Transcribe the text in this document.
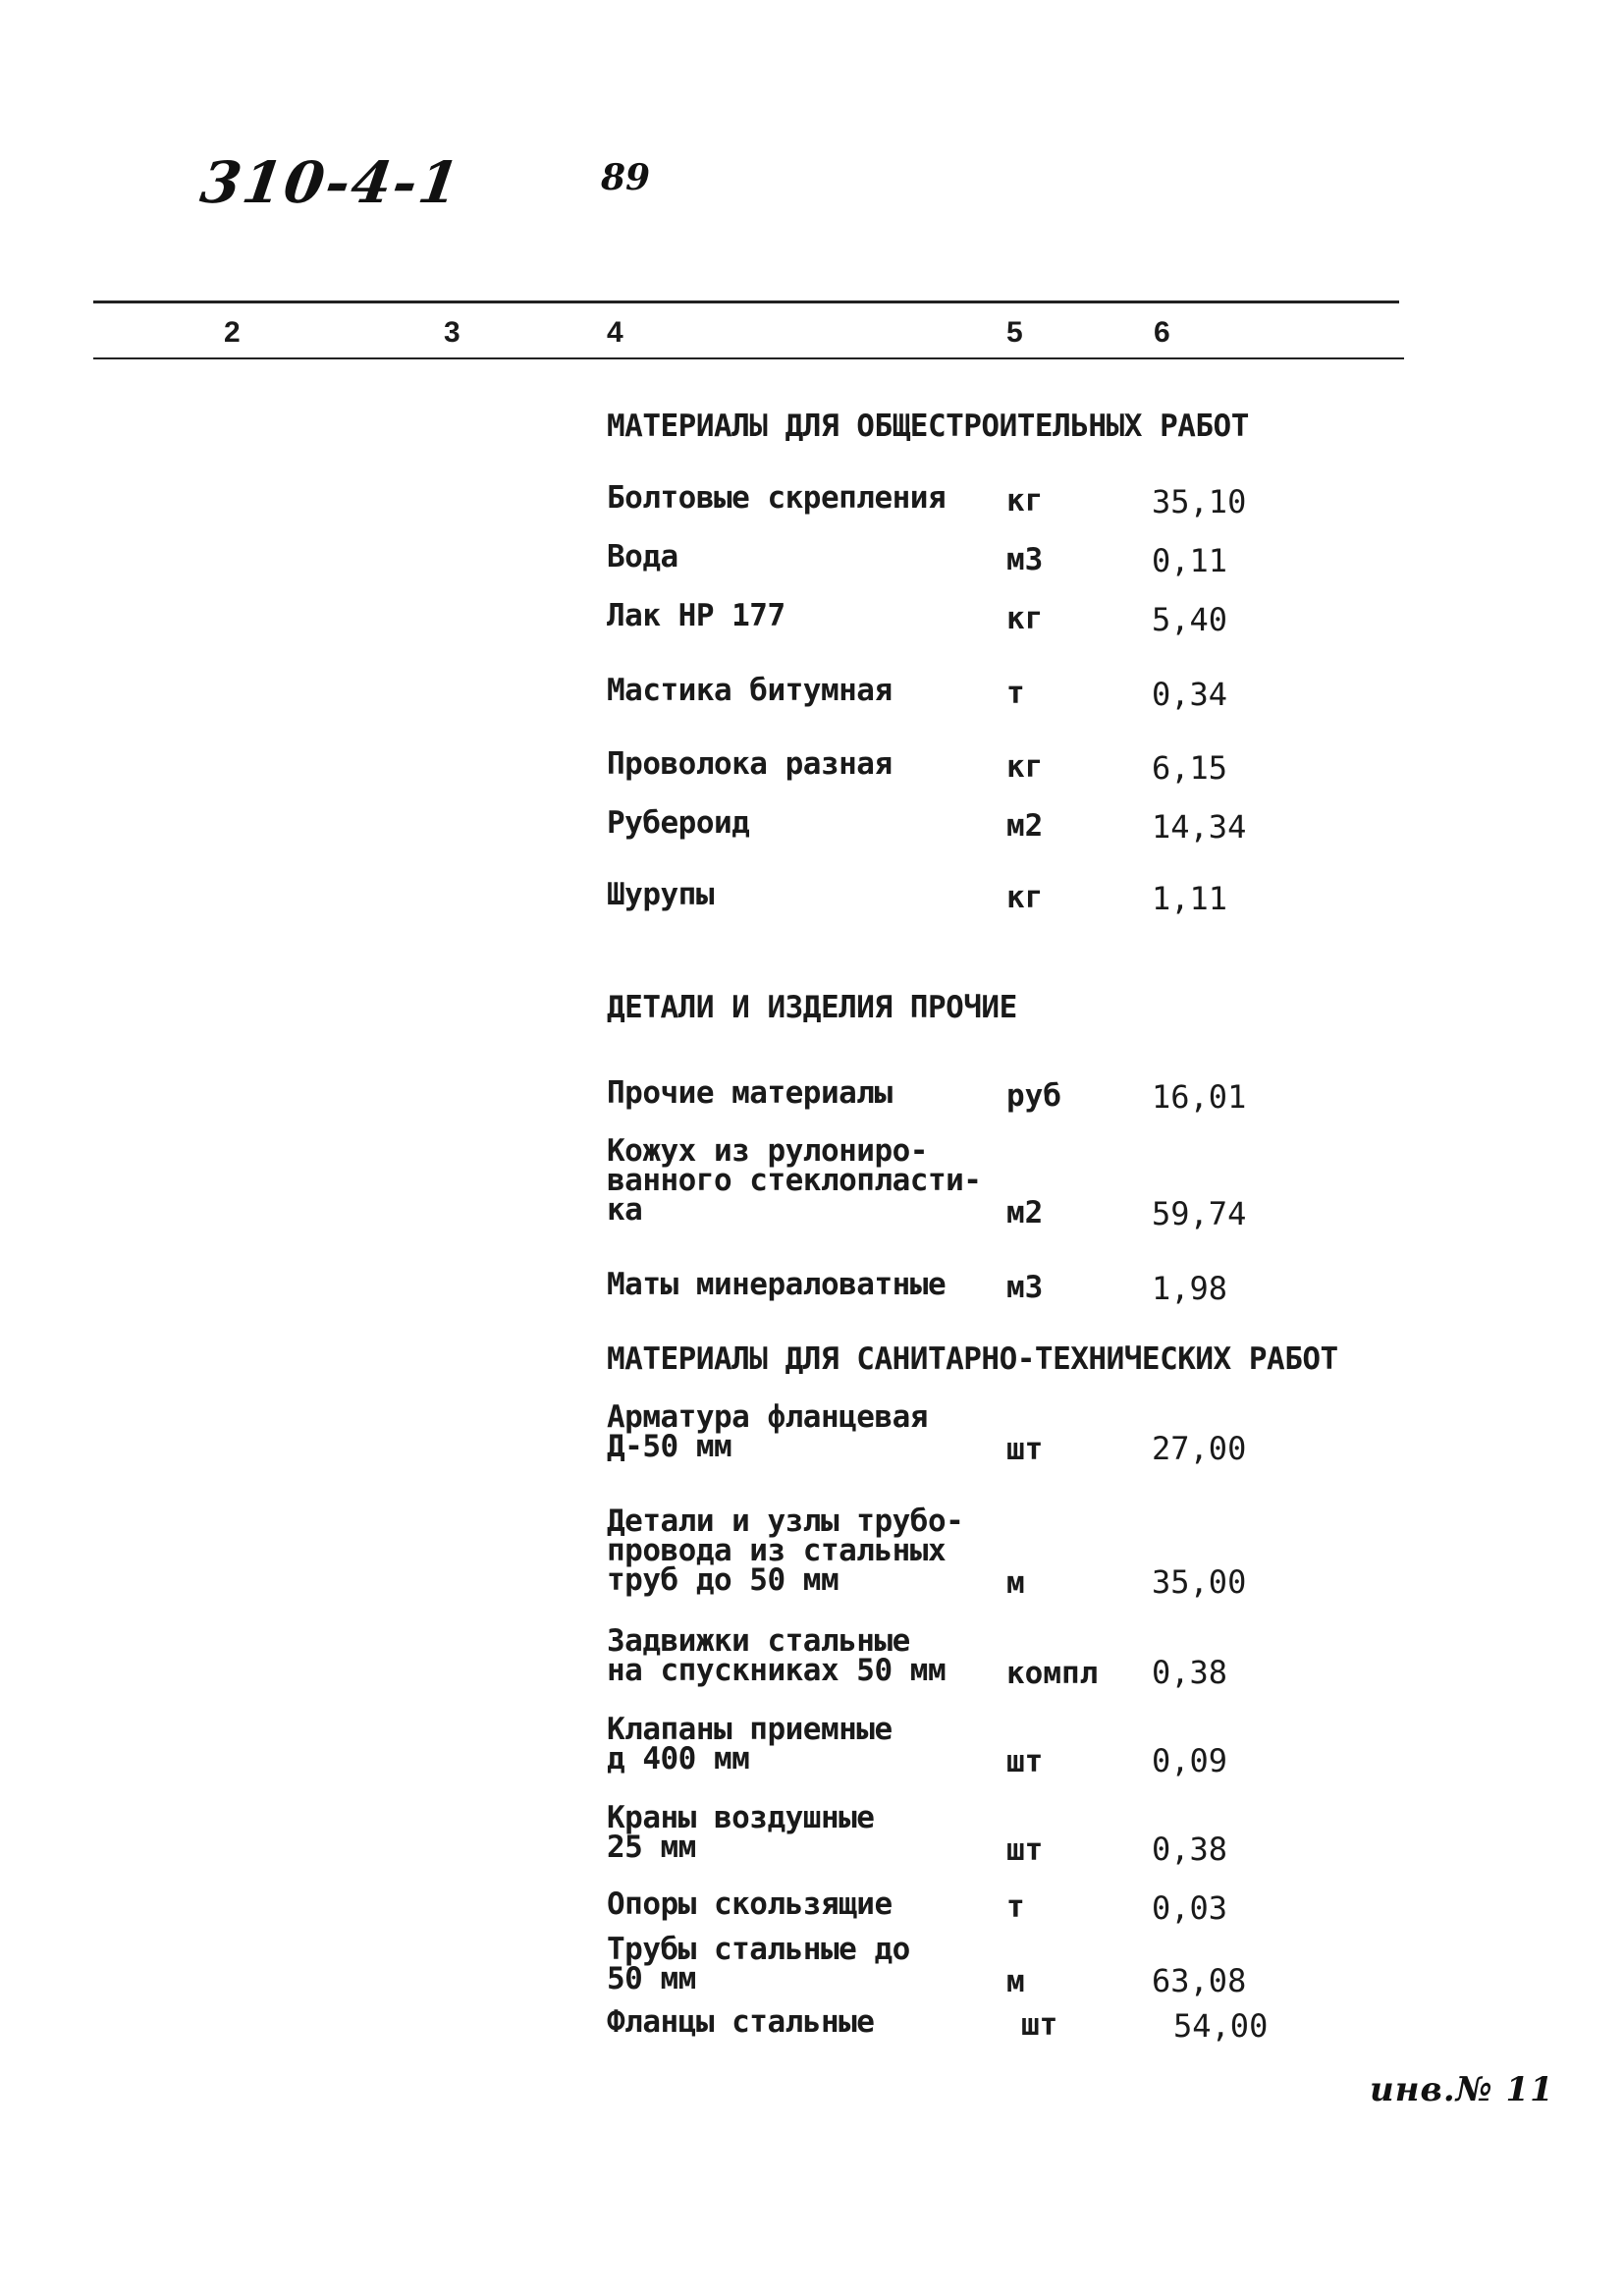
310-4-1	89
2	3	4	5	6
МАТЕРИАЛЫ ДЛЯ ОБЩЕСТРОИТЕЛЬНЫХ РАБОТ
Болтовые скрепления	кг	35,10
Вода	м3	0,11
Лак НР 177	кг	5,40
Мастика битумная	т	0,34
Проволока разная	кг	6,15
Рубероид	м2	14,34
Шурупы	кг	1,11
ДЕТАЛИ И ИЗДЕЛИЯ ПРОЧИЕ
Прочие материалы	руб	16,01
Кожух из рулониро-
ванного стеклопласти-
ка	м2	59,74
Маты минераловатные	м3	1,98
МАТЕРИАЛЫ ДЛЯ САНИТАРНО-ТЕХНИЧЕСКИХ РАБОТ
Арматура фланцевая
Д-50 мм	шт	27,00
Детали и узлы трубо-
провода из стальных
труб до 50 мм	м	35,00
Задвижки стальные
на спускниках 50 мм	компл 0,38
Клапаны приемные
д 400 мм	шт	0,09
Краны воздушные
25 мм	шт	0,38
Опоры скользящие	т	0,03
Трубы стальные до
50 мм	м	63,08
Фланцы стальные	шт	54,00
инв.№ 11
